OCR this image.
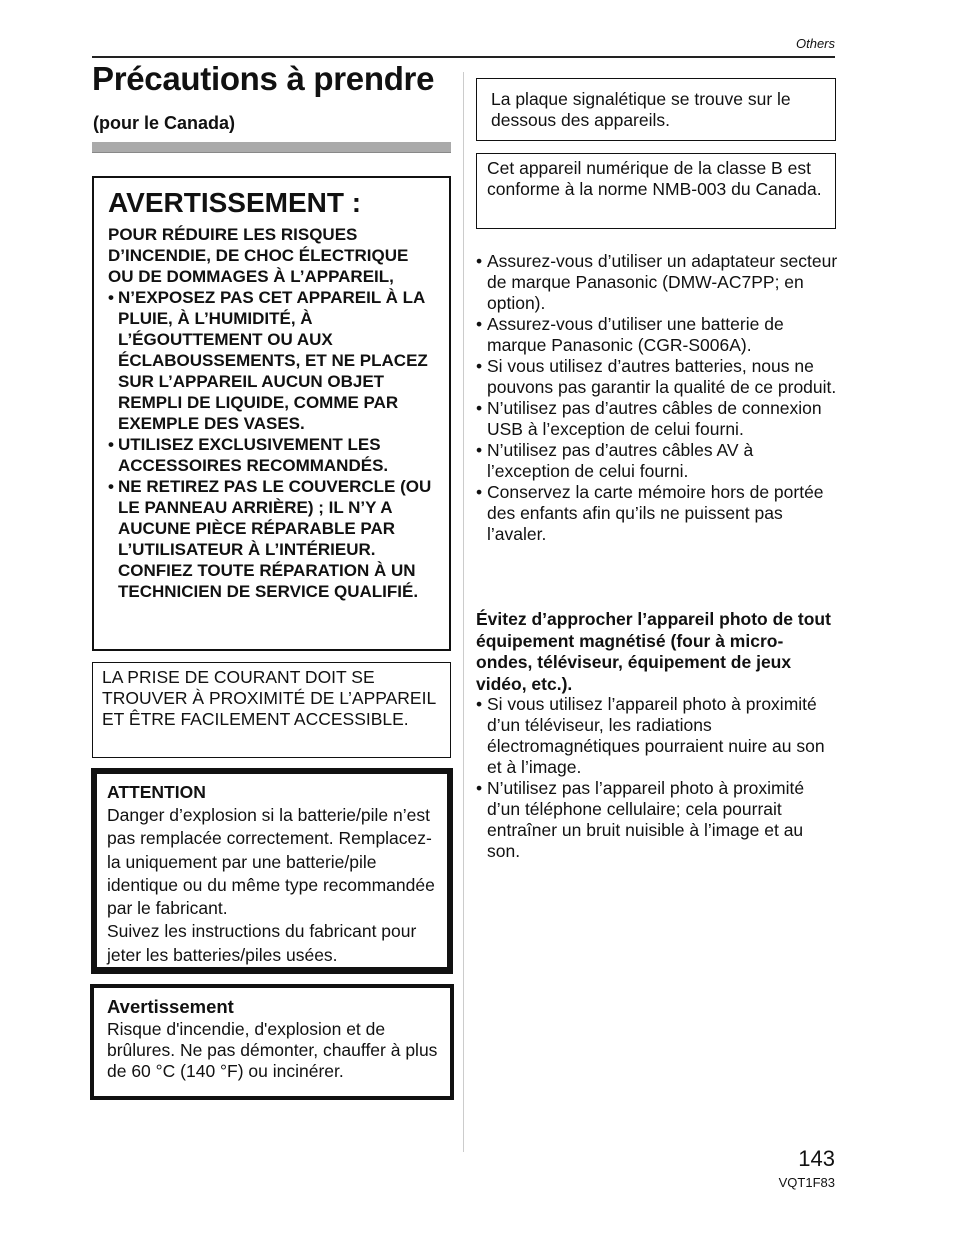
Others
Précautions à prendre

(pour le Canada)

AVERTISSEMENT :

POUR RÉDUIRE LES RISQUES D’INCENDIE, DE CHOC ÉLECTRIQUE OU DE DOMMAGES À L’APPAREIL,

• N’EXPOSEZ PAS CET APPAREIL À LA PLUIE, À L’HUMIDITÉ, À L’ÉGOUTTEMENT OU AUX ÉCLABOUSSEMENTS, ET NE PLACEZ SUR L’APPAREIL AUCUN OBJET REMPLI DE LIQUIDE, COMME PAR EXEMPLE DES VASES.
• UTILISEZ EXCLUSIVEMENT LES ACCESSOIRES RECOMMANDÉS.
• NE RETIREZ PAS LE COUVERCLE (OU LE PANNEAU ARRIÈRE) ; IL N’Y A AUCUNE PIÈCE RÉPARABLE PAR L’UTILISATEUR À L’INTÉRIEUR. CONFIEZ TOUTE RÉPARATION À UN TECHNICIEN DE SERVICE QUALIFIÉ.

LA PRISE DE COURANT DOIT SE TROUVER À PROXIMITÉ DE L’APPAREIL ET ÊTRE FACILEMENT ACCESSIBLE.

ATTENTION

Danger d’explosion si la batterie/pile n’est pas remplacée correctement. Remplacez-la uniquement par une batterie/pile identique ou du même type recommandée par le fabricant.

Suivez les instructions du fabricant pour jeter les batteries/piles usées.

Avertissement

Risque d'incendie, d'explosion et de brûlures. Ne pas démonter, chauffer à plus de 60 °C (140 °F) ou incinérer.

La plaque signalétique se trouve sur le dessous des appareils.

Cet appareil numérique de la classe B est conforme à la norme NMB-003 du Canada.

• Assurez-vous d’utiliser un adaptateur secteur de marque Panasonic (DMW-AC7PP; en option).
• Assurez-vous d’utiliser une batterie de marque Panasonic (CGR-S006A).
• Si vous utilisez d’autres batteries, nous ne pouvons pas garantir la qualité de ce produit.
• N’utilisez pas d’autres câbles de connexion USB à l’exception de celui fourni.
• N’utilisez pas d’autres câbles AV à l’exception de celui fourni.
• Conservez la carte mémoire hors de portée des enfants afin qu’ils ne puissent pas l’avaler.

Évitez d’approcher l’appareil photo de tout équipement magnétisé (four à micro-ondes, téléviseur, équipement de jeux vidéo, etc.).

• Si vous utilisez l’appareil photo à proximité d’un téléviseur, les radiations électromagnétiques pourraient nuire au son et à l’image.
• N’utilisez pas l’appareil photo à proximité d’un téléphone cellulaire; cela pourrait entraîner un bruit nuisible à l’image et au son.
143
VQT1F83
